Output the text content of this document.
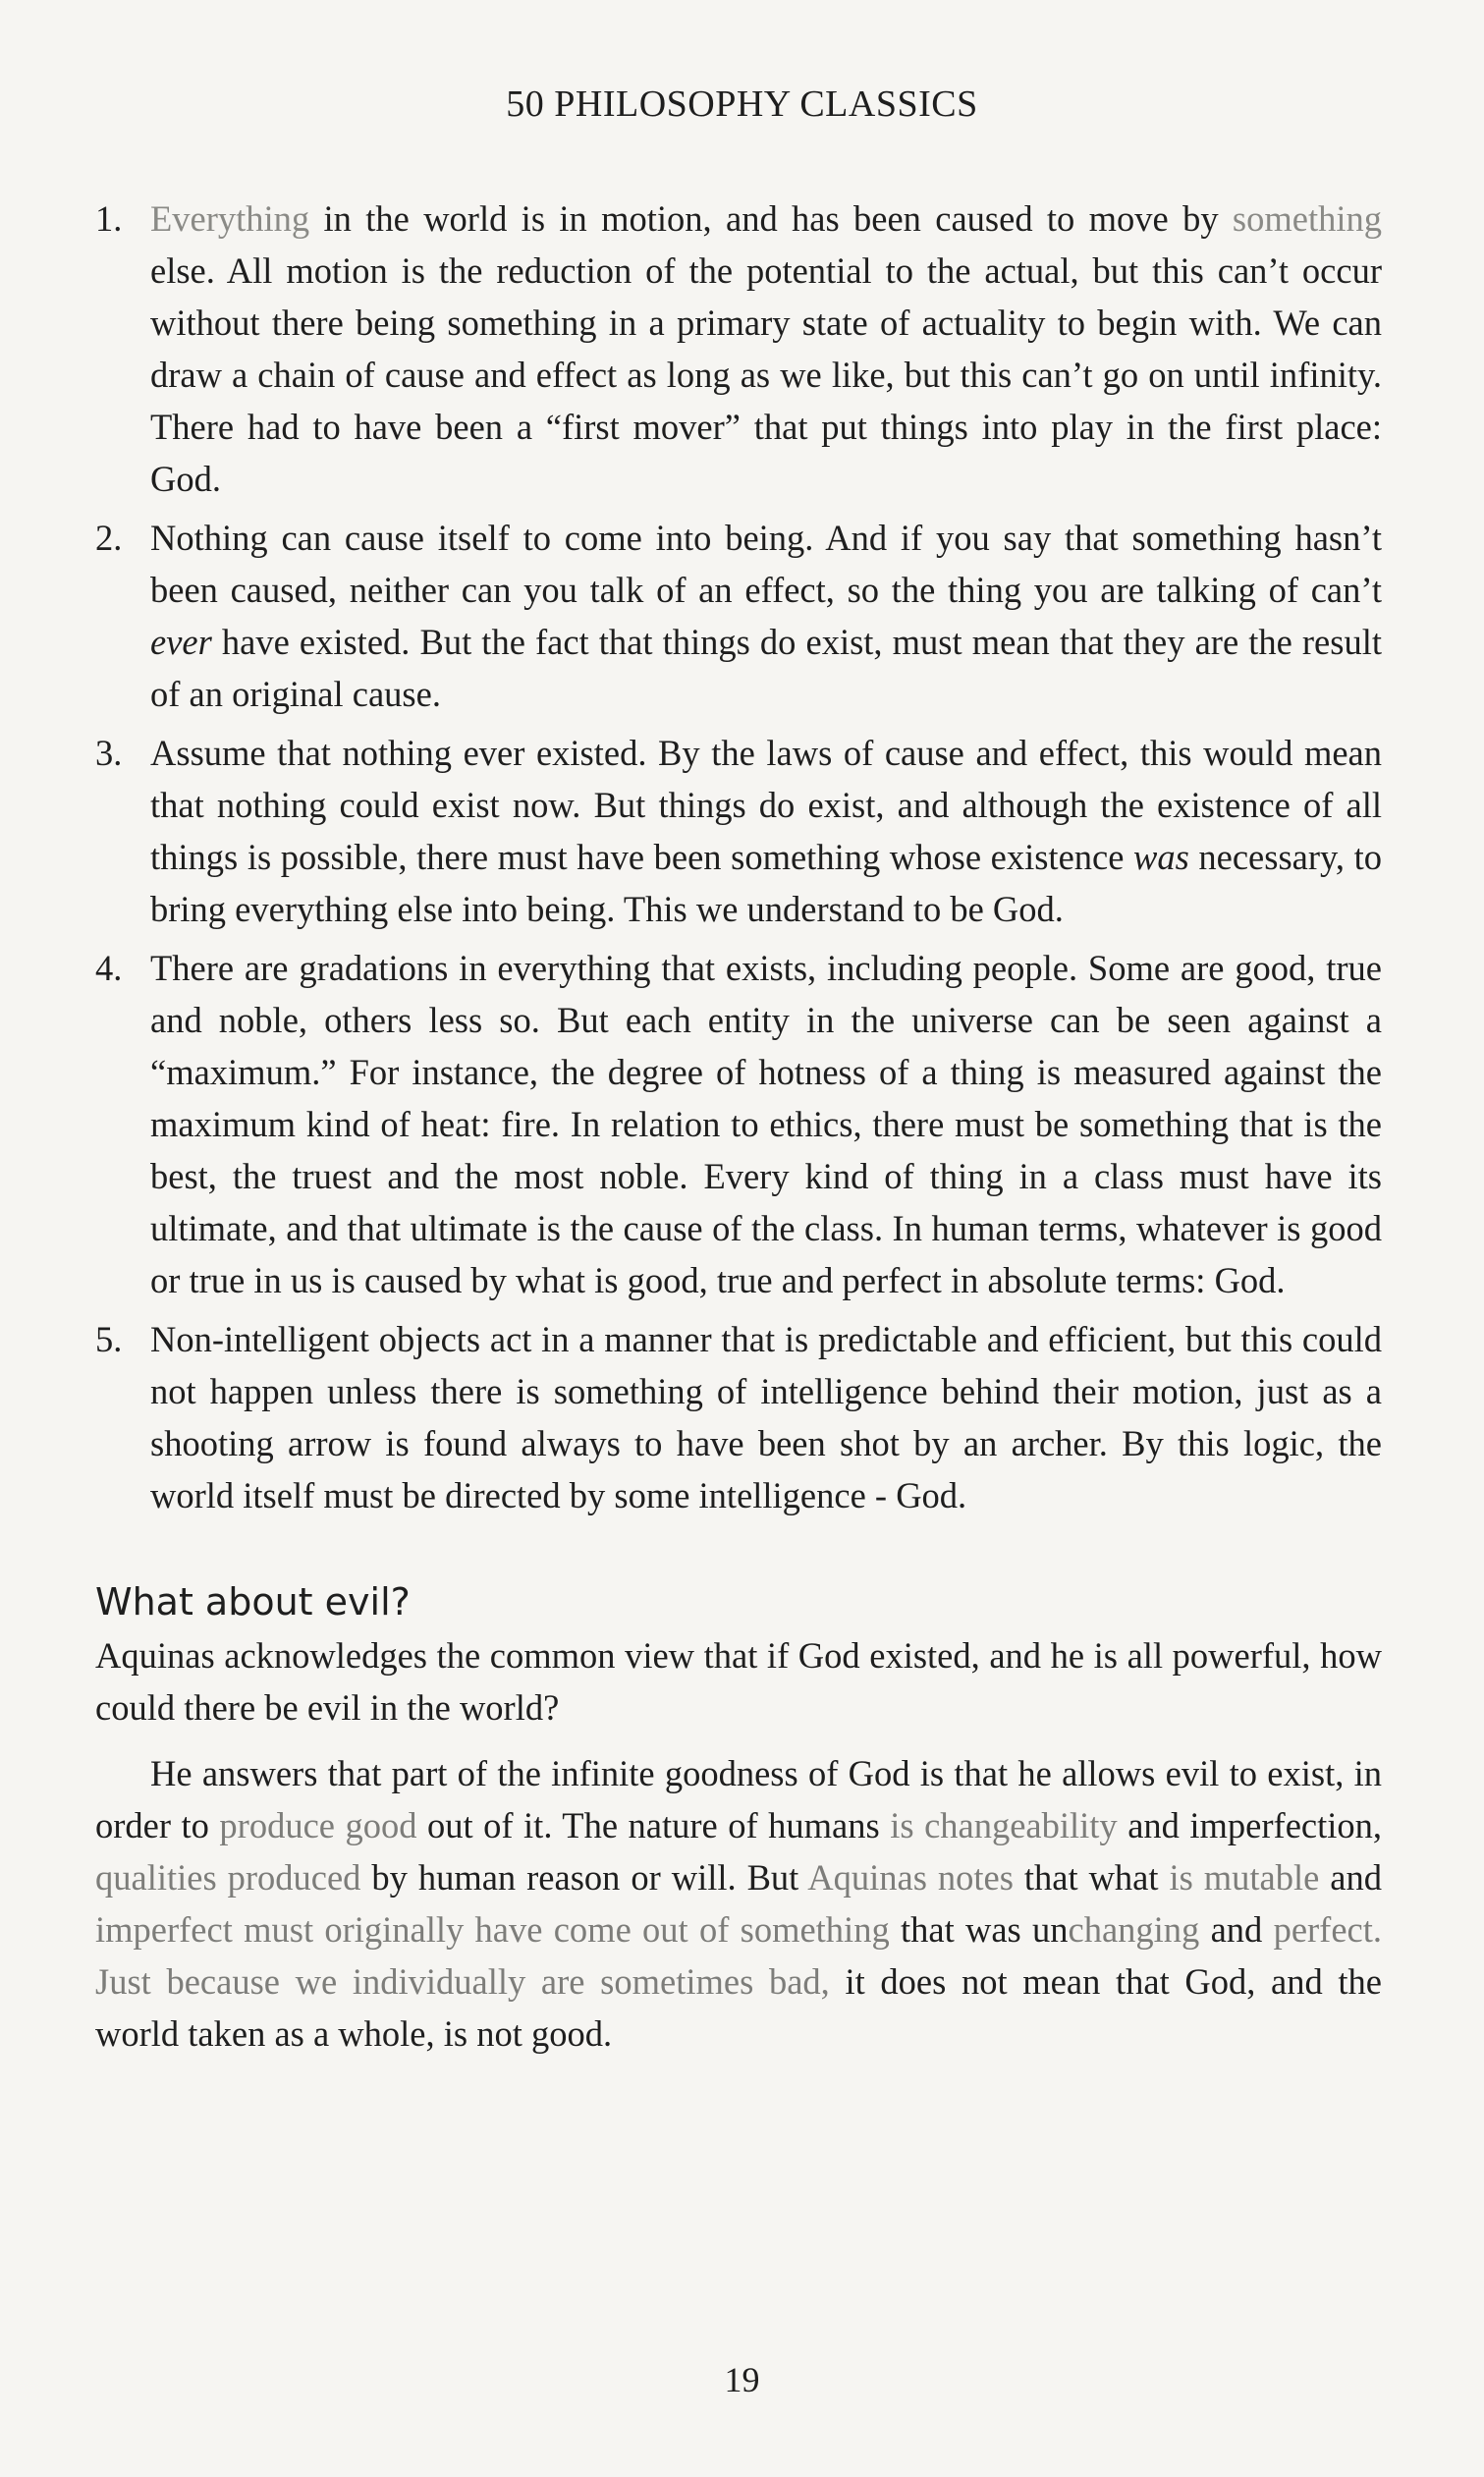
50 PHILOSOPHY CLASSICS
1. Everything in the world is in motion, and has been caused to move by something else. All motion is the reduction of the potential to the actual, but this can’t occur without there being something in a primary state of actuality to begin with. We can draw a chain of cause and effect as long as we like, but this can’t go on until infinity. There had to have been a “first mover” that put things into play in the first place: God.
2. Nothing can cause itself to come into being. And if you say that something hasn’t been caused, neither can you talk of an effect, so the thing you are talking of can’t ever have existed. But the fact that things do exist, must mean that they are the result of an original cause.
3. Assume that nothing ever existed. By the laws of cause and effect, this would mean that nothing could exist now. But things do exist, and although the existence of all things is possible, there must have been something whose existence was necessary, to bring everything else into being. This we understand to be God.
4. There are gradations in everything that exists, including people. Some are good, true and noble, others less so. But each entity in the universe can be seen against a “maximum.” For instance, the degree of hotness of a thing is measured against the maximum kind of heat: fire. In relation to ethics, there must be something that is the best, the truest and the most noble. Every kind of thing in a class must have its ultimate, and that ultimate is the cause of the class. In human terms, whatever is good or true in us is caused by what is good, true and perfect in absolute terms: God.
5. Non-intelligent objects act in a manner that is predictable and efficient, but this could not happen unless there is something of intelligence behind their motion, just as a shooting arrow is found always to have been shot by an archer. By this logic, the world itself must be directed by some intelligence - God.
What about evil?

Aquinas acknowledges the common view that if God existed, and he is all powerful, how could there be evil in the world?

He answers that part of the infinite goodness of God is that he allows evil to exist, in order to produce good out of it. The nature of humans is changeability and imperfection, qualities produced by human reason or will. But Aquinas notes that what is mutable and imperfect must originally have come out of something that was unchanging and perfect. Just because we individually are sometimes bad, it does not mean that God, and the world taken as a whole, is not good.

19
